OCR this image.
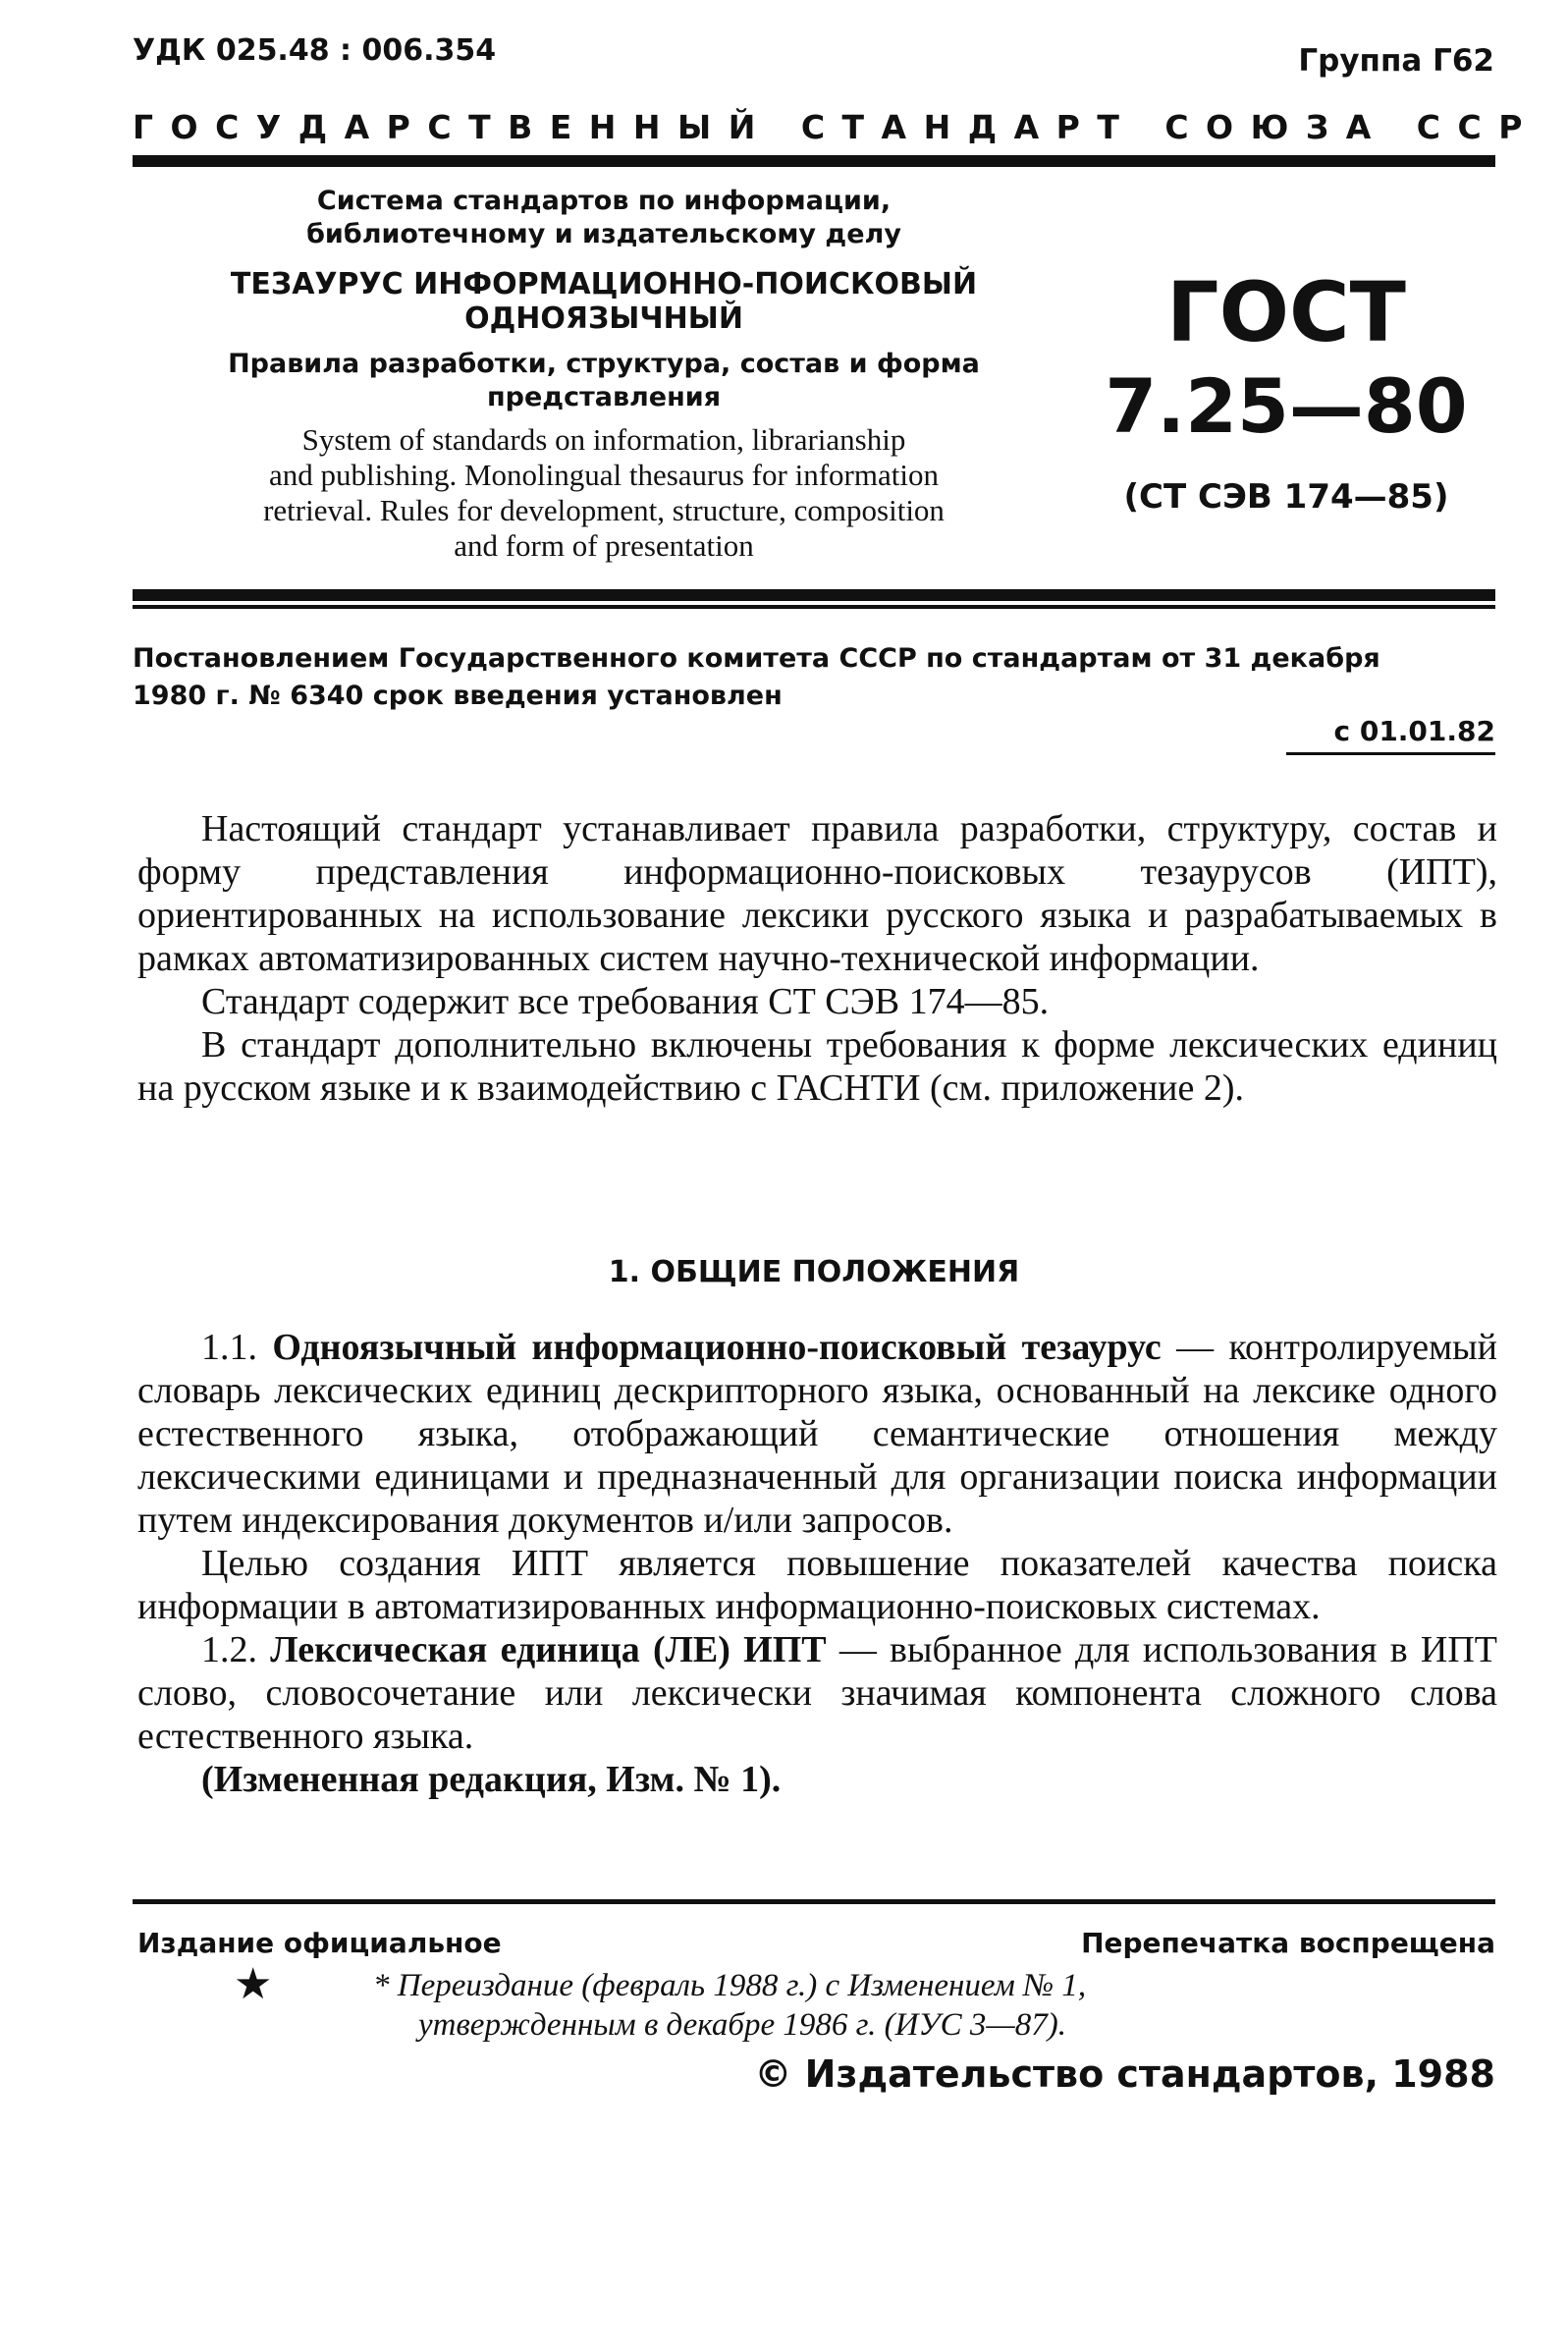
УДК 025.48 : 006.354	Группа Г62
ГОСУДАРСТВЕННЫЙ СТАНДАРТ СОЮЗА ССР
Система стандартов по информации,
библиотечному и издательскому делу
ТЕЗАУРУС ИНФОРМАЦИОННО-ПОИСКОВЫЙ
ОДНОЯЗЫЧНЫЙ
Правила разработки, структура, состав и форма
представления
System of standards on information, librarianship
and publishing. Monolingual thesaurus for information
retrieval. Rules for development, structure, composition
and form of presentation
ГОСТ
7.25—80
(СТ СЭВ 174—85)
Постановлением Государственного комитета СССР по стандартам от 31 декабря
1980 г. № 6340 срок введения установлен
с 01.01.82

Настоящий стандарт устанавливает правила разработки, структуру, состав и форму представления информационно-поисковых тезаурусов (ИПТ), ориентированных на использование лексики русского языка и разрабатываемых в рамках автоматизированных систем научно-технической информации.

Стандарт содержит все требования СТ СЭВ 174—85.

В стандарт дополнительно включены требования к форме лексических единиц на русском языке и к взаимодействию с ГАСНТИ (см. приложение 2).

1. ОБЩИЕ ПОЛОЖЕНИЯ

1.1. Одноязычный информационно-поисковый тезаурус — контролируемый словарь лексических единиц дескрипторного языка, основанный на лексике одного естественного языка, отображающий семантические отношения между лексическими единицами и предназначенный для организации поиска информации путем индексирования документов и/или запросов.

Целью создания ИПТ является повышение показателей качества поиска информации в автоматизированных информационно-поисковых системах.

1.2. Лексическая единица (ЛЕ) ИПТ — выбранное для использования в ИПТ слово, словосочетание или лексически значимая компонента сложного слова естественного языка.

(Измененная редакция, Изм. № 1).

Издание официальное	Перепечатка воспрещена
★	* Переиздание (февраль 1988 г.) с Изменением № 1,
утвержденным в декабре 1986 г. (ИУС 3—87).
© Издательство стандартов, 1988
